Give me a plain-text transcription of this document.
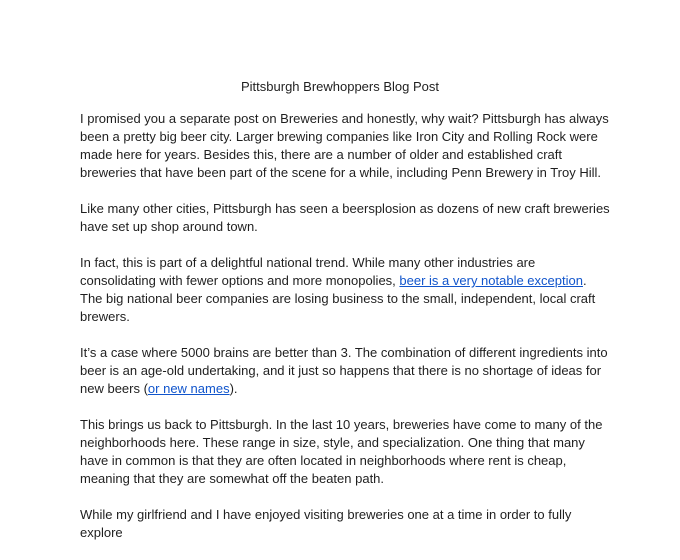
Pittsburgh Brewhoppers Blog Post

I promised you a separate post on Breweries and honestly, why wait? Pittsburgh has always been a pretty big beer city. Larger brewing companies like Iron City and Rolling Rock were made here for years. Besides this, there are a number of older and established craft breweries that have been part of the scene for a while, including Penn Brewery in Troy Hill.

Like many other cities, Pittsburgh has seen a beersplosion as dozens of new craft breweries have set up shop around town.

In fact, this is part of a delightful national trend. While many other industries are consolidating with fewer options and more monopolies, beer is a very notable exception. The big national beer companies are losing business to the small, independent, local craft brewers.

It’s a case where 5000 brains are better than 3. The combination of different ingredients into beer is an age-old undertaking, and it just so happens that there is no shortage of ideas for new beers (or new names).

This brings us back to Pittsburgh. In the last 10 years, breweries have come to many of the neighborhoods here. These range in size, style, and specialization. One thing that many have in common is that they are often located in neighborhoods where rent is cheap, meaning that they are somewhat off the beaten path.

While my girlfriend and I have enjoyed visiting breweries one at a time in order to fully explore
